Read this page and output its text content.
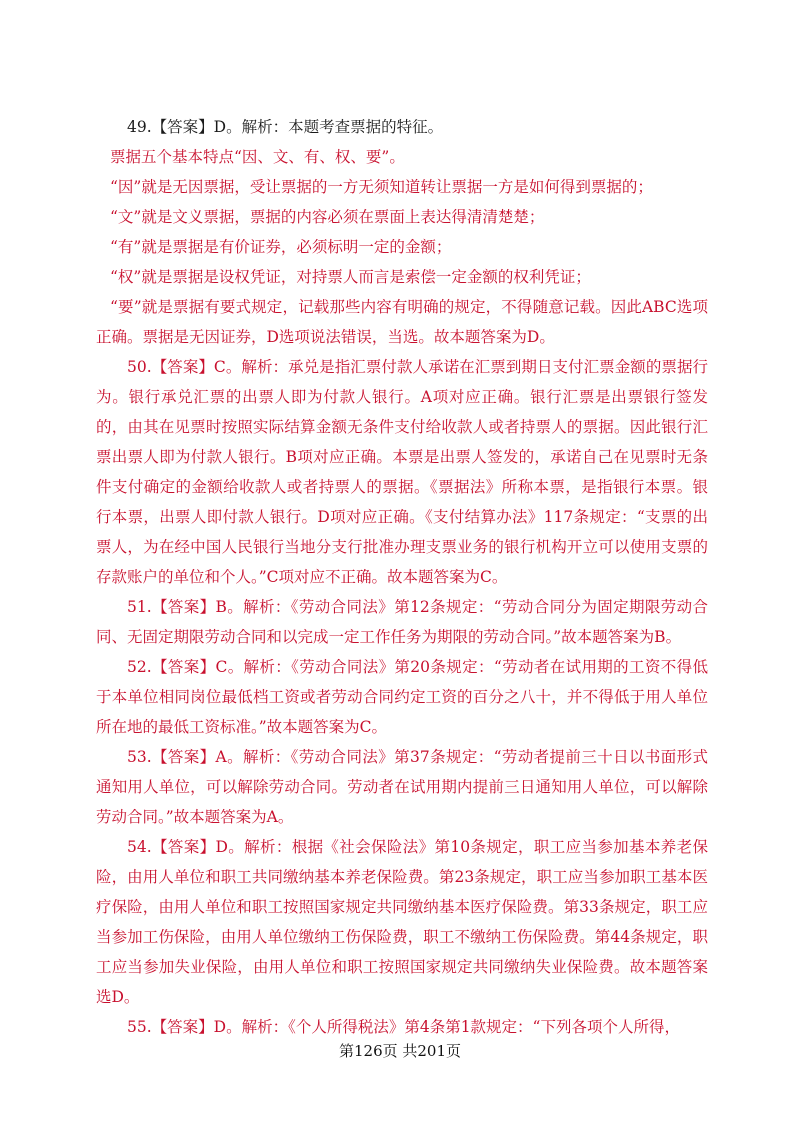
49.【答案】D。解析：本题考查票据的特征。

票据五个基本特点“因、文、有、权、要”。

“因”就是无因票据，受让票据的一方无须知道转让票据一方是如何得到票据的；

“文”就是文义票据，票据的内容必须在票面上表达得清清楚楚；

“有”就是票据是有价证券，必须标明一定的金额；

“权”就是票据是设权凭证，对持票人而言是索偿一定金额的权利凭证；

“要”就是票据有要式规定，记载那些内容有明确的规定，不得随意记载。因此ABC选项正确。票据是无因证券，D选项说法错误，当选。故本题答案为D。

50.【答案】C。解析：承兑是指汇票付款人承诺在汇票到期日支付汇票金额的票据行为。银行承兑汇票的出票人即为付款人银行。A项对应正确。银行汇票是出票银行签发的，由其在见票时按照实际结算金额无条件支付给收款人或者持票人的票据。因此银行汇票出票人即为付款人银行。B项对应正确。本票是出票人签发的，承诺自己在见票时无条件支付确定的金额给收款人或者持票人的票据。《票据法》所称本票，是指银行本票。银行本票，出票人即付款人银行。D项对应正确。《支付结算办法》117条规定：“支票的出票人，为在经中国人民银行当地分支行批准办理支票业务的银行机构开立可以使用支票的存款账户的单位和个人。”C项对应不正确。故本题答案为C。

51.【答案】B。解析：《劳动合同法》第12条规定：“劳动合同分为固定期限劳动合同、无固定期限劳动合同和以完成一定工作任务为期限的劳动合同。”故本题答案为B。

52.【答案】C。解析：《劳动合同法》第20条规定：“劳动者在试用期的工资不得低于本单位相同岗位最低档工资或者劳动合同约定工资的百分之八十，并不得低于用人单位所在地的最低工资标准。”故本题答案为C。

53.【答案】A。解析：《劳动合同法》第37条规定：“劳动者提前三十日以书面形式通知用人单位，可以解除劳动合同。劳动者在试用期内提前三日通知用人单位，可以解除劳动合同。”故本题答案为A。

54.【答案】D。解析：根据《社会保险法》第10条规定，职工应当参加基本养老保险，由用人单位和职工共同缴纳基本养老保险费。第23条规定，职工应当参加职工基本医疗保险，由用人单位和职工按照国家规定共同缴纳基本医疗保险费。第33条规定，职工应当参加工伤保险，由用人单位缴纳工伤保险费，职工不缴纳工伤保险费。第44条规定，职工应当参加失业保险，由用人单位和职工按照国家规定共同缴纳失业保险费。故本题答案选D。

55.【答案】D。解析：《个人所得税法》第4条第1款规定：“下列各项个人所得，

第126页 共201页
